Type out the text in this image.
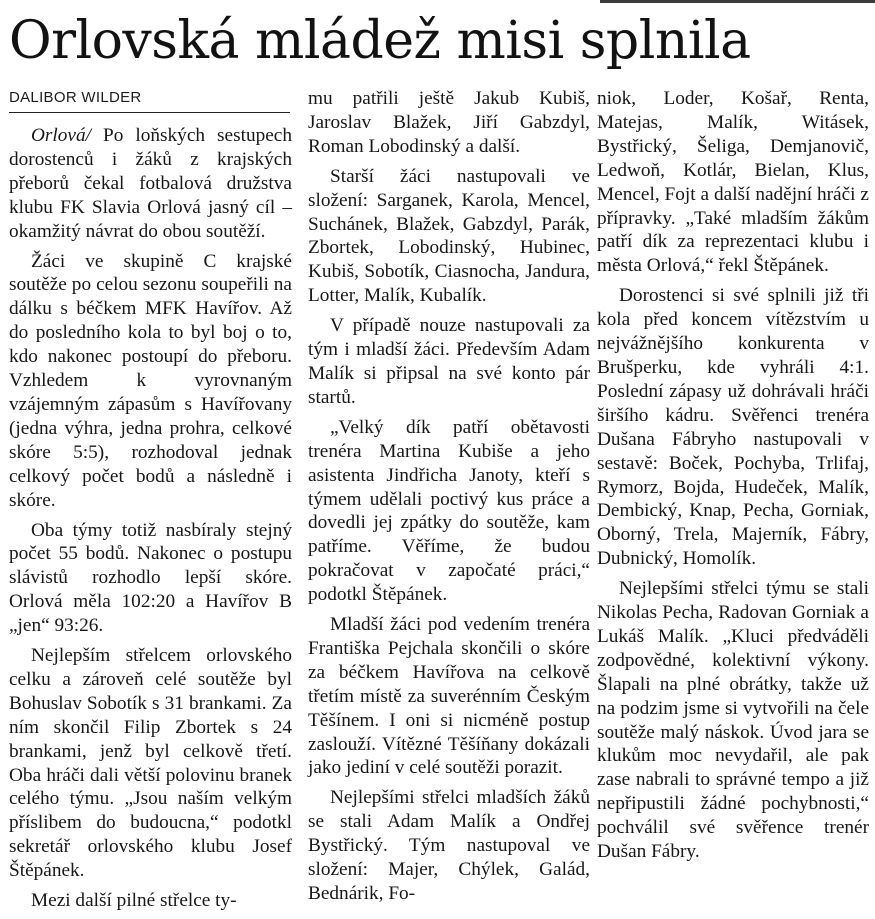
Orlovská mládež misi splnila
DALIBOR WILDER

Orlová/ Po loňských sestupech dorostenců i žáků z krajských přeborů čekal fotbalová družstva klubu FK Slavia Orlová jasný cíl – okamžitý návrat do obou soutěží.

Žáci ve skupině C krajské soutěže po celou sezonu soupeřili na dálku s béčkem MFK Havířov. Až do posledního kola to byl boj o to, kdo nakonec postoupí do přeboru. Vzhledem k vyrovnaným vzájemným zápasům s Havířovany (jedna výhra, jedna prohra, celkové skóre 5:5), rozhodoval jednak celkový počet bodů a následně i skóre.

Oba týmy totiž nasbíraly stejný počet 55 bodů. Nakonec o postupu slávistů rozhodlo lepší skóre. Orlová měla 102:20 a Havířov B „jen“ 93:26.

Nejlepším střelcem orlovského celku a zároveň celé soutěže byl Bohuslav Sobotík s 31 brankami. Za ním skončil Filip Zbortek s 24 brankami, jenž byl celkově třetí. Oba hráči dali větší polovinu branek celého týmu. „Jsou naším velkým příslibem do budoucna,“ podotkl sekretář orlovského klubu Josef Štěpánek.

Mezi další pilné střelce ty-

mu patřili ještě Jakub Kubiš, Jaroslav Blažek, Jiří Gabzdyl, Roman Lobodinský a další.

Starší žáci nastupovali ve složení: Sarganek, Karola, Mencel, Suchánek, Blažek, Gabzdyl, Parák, Zbortek, Lobodinský, Hubinec, Kubiš, Sobotík, Ciasnocha, Jandura, Lotter, Malík, Kubalík.

V případě nouze nastupovali za tým i mladší žáci. Především Adam Malík si připsal na své konto pár startů.

„Velký dík patří obětavosti trenéra Martina Kubiše a jeho asistenta Jindřicha Janoty, kteří s týmem udělali poctivý kus práce a dovedli jej zpátky do soutěže, kam patříme. Věříme, že budou pokračovat v započaté práci,“ podotkl Štěpánek.

Mladší žáci pod vedením trenéra Františka Pejchala skončili o skóre za béčkem Havířova na celkově třetím místě za suverénním Českým Těšínem. I oni si nicméně postup zaslouží. Vítězné Těšíňany dokázali jako jediní v celé soutěži porazit.

Nejlepšími střelci mladších žáků se stali Adam Malík a Ondřej Bystřický. Tým nastupoval ve složení: Majer, Chýlek, Galád, Bednárik, Fo-

niok, Loder, Košař, Renta, Matejas, Malík, Witásek, Bystřický, Šeliga, Demjanovič, Ledwoň, Kotlár, Bielan, Klus, Mencel, Fojt a další nadějní hráči z přípravky. „Také mladším žákům patří dík za reprezentaci klubu i města Orlová,“ řekl Štěpánek.

Dorostenci si své splnili již tři kola před koncem vítězstvím u nejvážnějšího konkurenta v Brušperku, kde vyhráli 4:1. Poslední zápasy už dohrávali hráči širšího kádru. Svěřenci trenéra Dušana Fábryho nastupovali v sestavě: Boček, Pochyba, Trlifaj, Rymorz, Bojda, Hudeček, Malík, Dembický, Knap, Pecha, Gorniak, Oborný, Trela, Majerník, Fábry, Dubnický, Homolík.

Nejlepšími střelci týmu se stali Nikolas Pecha, Radovan Gorniak a Lukáš Malík. „Kluci předváděli zodpovědné, kolektivní výkony. Šlapali na plné obrátky, takže už na podzim jsme si vytvořili na čele soutěže malý náskok. Úvod jara se klukům moc nevydařil, ale pak zase nabrali to správné tempo a již nepřipustili žádné pochybnosti,“ pochválil své svěřence trenér Dušan Fábry.
